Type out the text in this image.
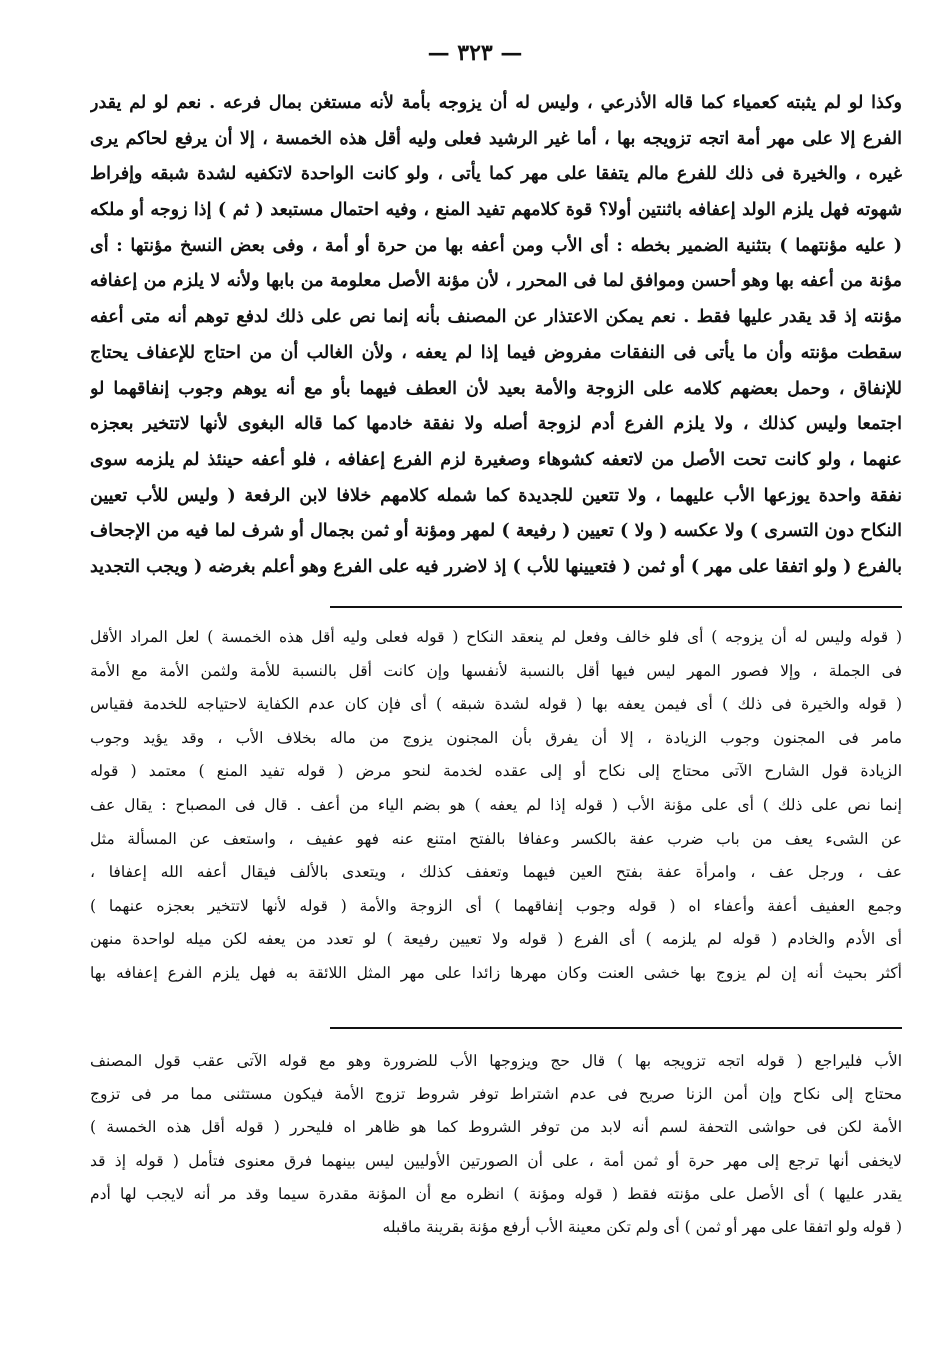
— ٣٢٣ —
وكذا لو لم يثبته كعمياء كما قاله الأذرعي ، وليس له أن يزوجه بأمة لأنه مستغن بمال فرعه . نعم لو لم يقدر
الفرع إلا على مهر أمة اتجه تزويجه بها ، أما غير الرشيد فعلى وليه أقل هذه الخمسة ، إلا أن يرفع لحاكم يرى
غيره ، والخيرة فى ذلك للفرع مالم يتفقا على مهر كما يأتى ، ولو كانت الواحدة لاتكفيه لشدة شبقه وإفراط
شهوته فهل يلزم الولد إعفافه باثنتين أولا؟ قوة كلامهم تفيد المنع ، وفيه احتمال مستبعد ( ثم ) إذا زوجه أو ملكه
( عليه مؤنتهما ) بتثنية الضمير بخطه : أى الأب ومن أعفه بها من حرة أو أمة ، وفى بعض النسخ مؤنتها : أى
مؤنة من أعفه بها وهو أحسن وموافق لما فى المحرر ، لأن مؤنة الأصل معلومة من بابها ولأنه لا يلزم من إعفافه
مؤنته إذ قد يقدر عليها فقط . نعم يمكن الاعتذار عن المصنف بأنه إنما نص على ذلك لدفع توهم أنه متى أعفه
سقطت مؤنته وأن ما يأتى فى النفقات مفروض فيما إذا لم يعفه ، ولأن الغالب أن من احتاج للإعفاف يحتاج
للإنفاق ، وحمل بعضهم كلامه على الزوجة والأمة بعيد لأن العطف فيهما بأو مع أنه يوهم وجوب إنفاقهما لو
اجتمعا وليس كذلك ، ولا يلزم الفرع أدم لزوجة أصله ولا نفقة خادمها كما قاله البغوى لأنها لاتتخير بعجزه
عنهما ، ولو كانت تحت الأصل من لاتعفه كشوهاء وصغيرة لزم الفرع إعفافه ، فلو أعفه حينئذ لم يلزمه سوى
نفقة واحدة يوزعها الأب عليهما ، ولا تتعين للجديدة كما شمله كلامهم خلافا لابن الرفعة ( وليس للأب تعيين
النكاح دون التسرى ) ولا عكسه ( ولا ) تعيين ( رفيعة ) لمهر ومؤنة أو ثمن بجمال أو شرف لما فيه من الإجحاف
بالفرع ( ولو اتفقا على مهر ) أو ثمن ( فتعيينها للأب ) إذ لاضرر فيه على الفرع وهو أعلم بغرضه ( ويجب التجديد
( قوله وليس له أن يزوجه ) أى فلو خالف وفعل لم ينعقد النكاح ( قوله فعلى وليه أقل هذه الخمسة ) لعل المراد الأقل
فى الجملة ، وإلا فصور المهر ليس فيها أقل بالنسبة لأنفسها وإن كانت أقل بالنسبة للأمة ولثمن الأمة مع الأمة
( قوله والخيرة فى ذلك ) أى فيمن يعفه بها ( قوله لشدة شبقه ) أى فإن كان عدم الكفاية لاحتياجه للخدمة فقياس
مامر فى المجنون وجوب الزيادة ، إلا أن يفرق بأن المجنون يزوج من ماله بخلاف الأب ، وقد يؤيد وجوب
الزيادة قول الشارح الآتى محتاج إلى نكاح أو إلى عقده لخدمة لنحو مرض ( قوله تفيد المنع ) معتمد ( قوله
إنما نص على ذلك ) أى على مؤنة الأب ( قوله إذا لم يعفه ) هو بضم الياء من أعف . قال فى المصباح : يقال عف
عن الشىء يعف من باب ضرب عفة بالكسر وعفافا بالفتح امتنع عنه فهو عفيف ، واستعف عن المسألة مثل
عف ، ورجل عف ، وامرأة عفة بفتح العين فيهما وتعفف كذلك ، ويتعدى بالألف فيقال أعفه الله إعفافا ،
وجمع العفيف أعفة وأعفاء اه ( قوله وجوب إنفاقهما ) أى الزوجة والأمة ( قوله لأنها لاتتخير بعجزه عنهما )
أى الأدم والخادم ( قوله لم يلزمه ) أى الفرع ( قوله ولا تعيين رفيعة ) لو تعدد من يعفه لكن ميله لواحدة منهن
أكثر بحيث أنه إن لم يزوج بها خشى العنت وكان مهرها زائدا على مهر المثل اللائقة به فهل يلزم الفرع إعفافه بها
الأب فليراجع ( قوله اتجه تزويجه بها ) قال حج ويزوجها الأب للضرورة وهو مع قوله الآتى عقب قول المصنف
محتاج إلى نكاح وإن أمن الزنا صريح فى عدم اشتراط توفر شروط تزوج الأمة فيكون مستثنى مما مر فى تزوج
الأمة لكن فى حواشى التحفة لسم أنه لابد من توفر الشروط كما هو ظاهر اه فليحرر ( قوله أقل هذه الخمسة )
لايخفى أنها ترجع إلى مهر حرة أو ثمن أمة ، على أن الصورتين الأوليين ليس بينهما فرق معنوى فتأمل ( قوله إذ قد
يقدر عليها ) أى الأصل على مؤنته فقط ( قوله ومؤنة ) انظره مع أن المؤنة مقدرة سيما وقد مر أنه لايجب لها أدم
( قوله ولو اتفقا على مهر أو ثمن ) أى ولم تكن معينة الأب أرفع مؤنة بقرينة ماقبله
